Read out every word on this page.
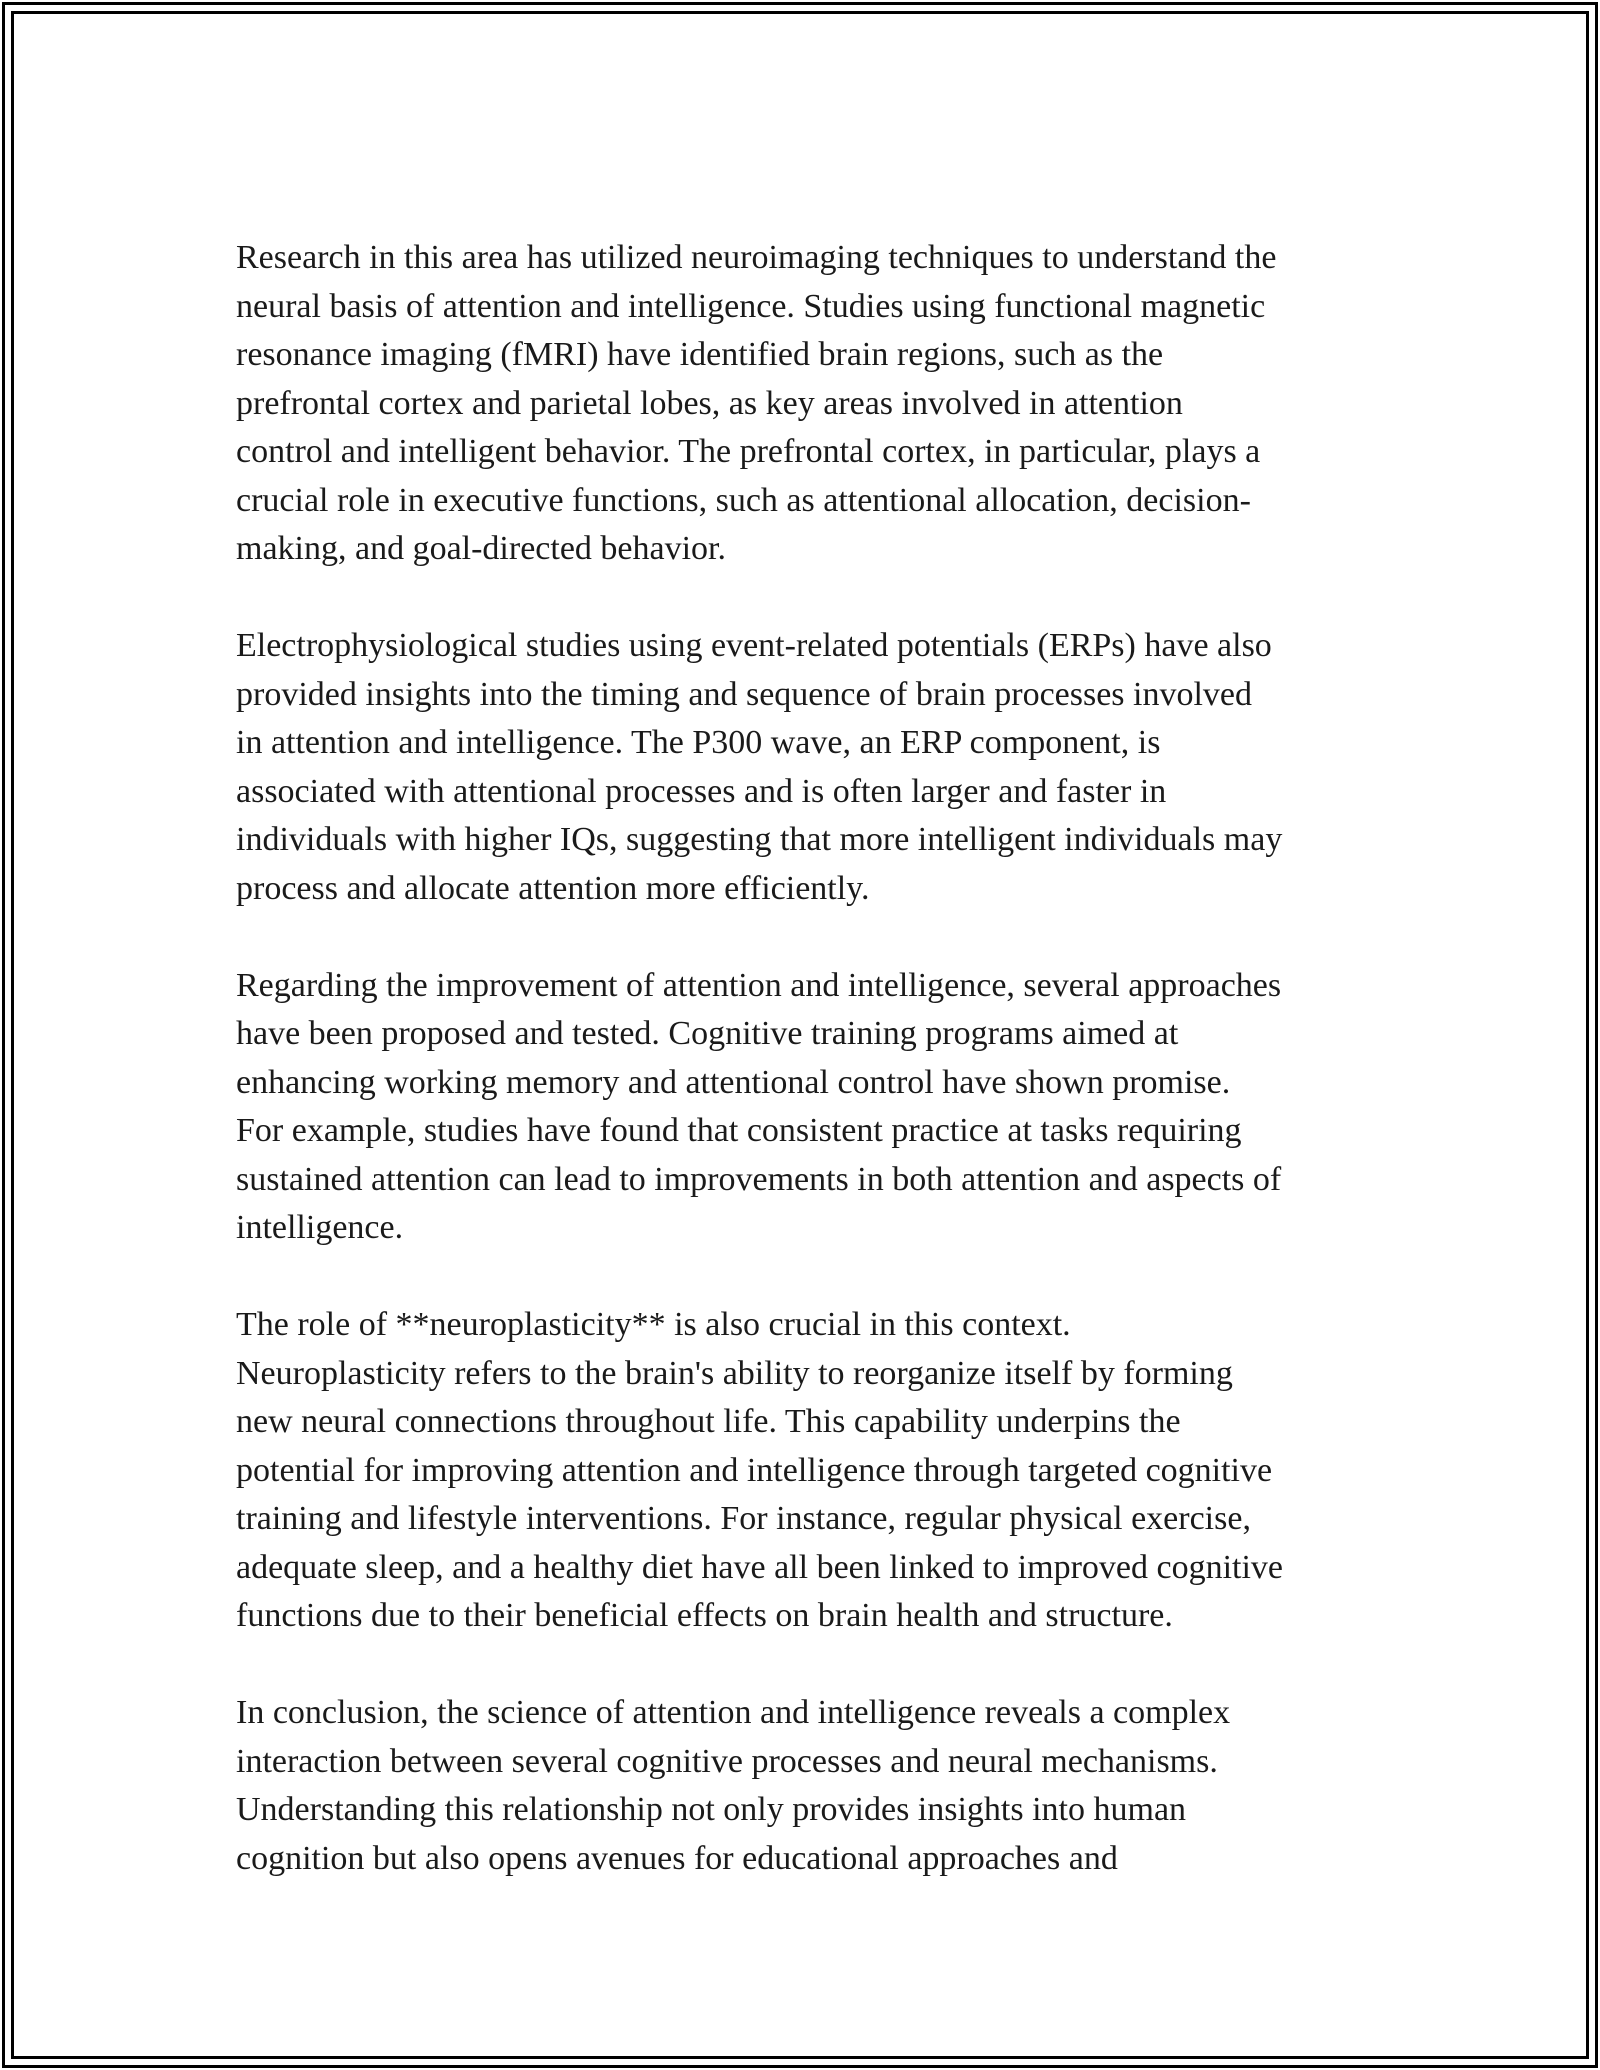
Research in this area has utilized neuroimaging techniques to understand the
neural basis of attention and intelligence. Studies using functional magnetic
resonance imaging (fMRI) have identified brain regions, such as the
prefrontal cortex and parietal lobes, as key areas involved in attention
control and intelligent behavior. The prefrontal cortex, in particular, plays a
crucial role in executive functions, such as attentional allocation, decision-
making, and goal-directed behavior.

Electrophysiological studies using event-related potentials (ERPs) have also
provided insights into the timing and sequence of brain processes involved
in attention and intelligence. The P300 wave, an ERP component, is
associated with attentional processes and is often larger and faster in
individuals with higher IQs, suggesting that more intelligent individuals may
process and allocate attention more efficiently.

Regarding the improvement of attention and intelligence, several approaches
have been proposed and tested. Cognitive training programs aimed at
enhancing working memory and attentional control have shown promise.
For example, studies have found that consistent practice at tasks requiring
sustained attention can lead to improvements in both attention and aspects of
intelligence.

The role of **neuroplasticity** is also crucial in this context.
Neuroplasticity refers to the brain's ability to reorganize itself by forming
new neural connections throughout life. This capability underpins the
potential for improving attention and intelligence through targeted cognitive
training and lifestyle interventions. For instance, regular physical exercise,
adequate sleep, and a healthy diet have all been linked to improved cognitive
functions due to their beneficial effects on brain health and structure.

In conclusion, the science of attention and intelligence reveals a complex
interaction between several cognitive processes and neural mechanisms.
Understanding this relationship not only provides insights into human
cognition but also opens avenues for educational approaches and
